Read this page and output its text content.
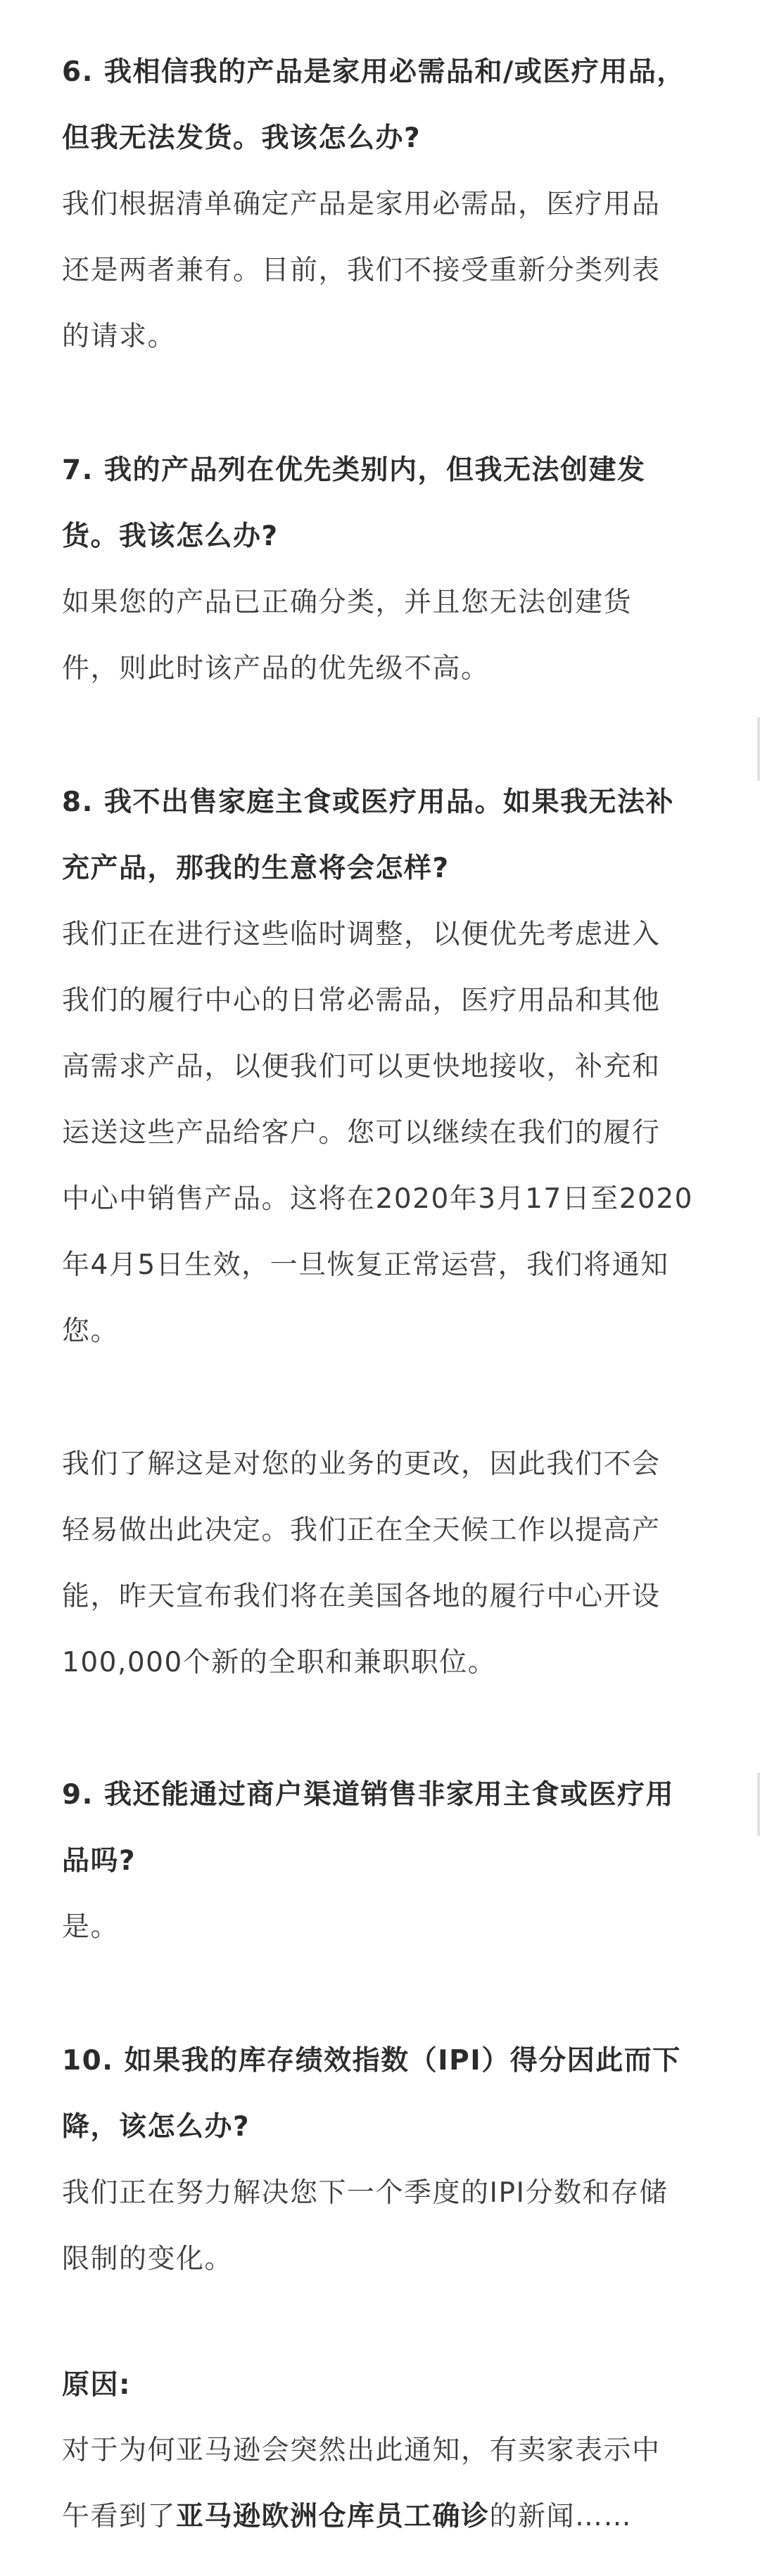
6. 我相信我的产品是家用必需品和/或医疗用品，
但我无法发货。我该怎么办?
我们根据清单确定产品是家用必需品，医疗用品
还是两者兼有。目前，我们不接受重新分类列表
的请求。
7. 我的产品列在优先类别内，但我无法创建发
货。我该怎么办?
如果您的产品已正确分类，并且您无法创建货
件，则此时该产品的优先级不高。
8. 我不出售家庭主食或医疗用品。如果我无法补
充产品，那我的生意将会怎样?
我们正在进行这些临时调整，以便优先考虑进入
我们的履行中心的日常必需品，医疗用品和其他
高需求产品，以便我们可以更快地接收，补充和
运送这些产品给客户。您可以继续在我们的履行
中心中销售产品。这将在2020年3月17日至2020
年4月5日生效，一旦恢复正常运营，我们将通知
您。
我们了解这是对您的业务的更改，因此我们不会
轻易做出此决定。我们正在全天候工作以提高产
能，昨天宣布我们将在美国各地的履行中心开设
100,000个新的全职和兼职职位。
9. 我还能通过商户渠道销售非家用主食或医疗用
品吗?
是。
10. 如果我的库存绩效指数（IPI）得分因此而下
降，该怎么办?
我们正在努力解决您下一个季度的IPI分数和存储
限制的变化。
原因:
对于为何亚马逊会突然出此通知，有卖家表示中
午看到了亚马逊欧洲仓库员工确诊的新闻……
